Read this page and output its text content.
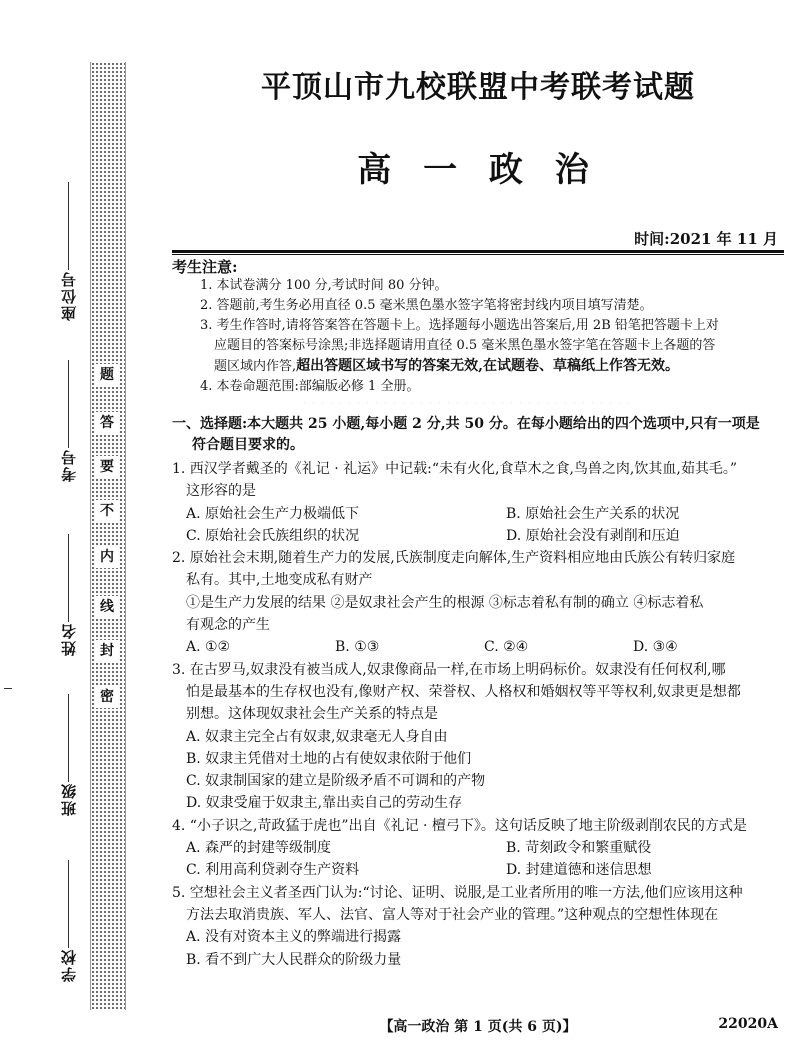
题
答
要
不
内
线
封
密
座位号
考号
姓名
班级
学校
平顶山市九校联盟中考联考试题
高 一 政 治
时间:2021 年 11 月
考生注意:
1. 本试卷满分 100 分,考试时间 80 分钟。
2. 答题前,考生务必用直径 0.5 毫米黑色墨水签字笔将密封线内项目填写清楚。
3. 考生作答时,请将答案答在答题卡上。选择题每小题选出答案后,用 2B 铅笔把答题卡上对
应题目的答案标号涂黑;非选择题请用直径 0.5 毫米黑色墨水签字笔在答题卡上各题的答
题区域内作答,超出答题区域书写的答案无效,在试题卷、草稿纸上作答无效。
4. 本卷命题范围:部编版必修 1 全册。
一、选择题:本大题共 25 小题,每小题 2 分,共 50 分。在每小题给出的四个选项中,只有一项是
符合题目要求的。
1. 西汉学者戴圣的《礼记 · 礼运》中记载:“未有火化,食草木之食,鸟兽之肉,饮其血,茹其毛。”
这形容的是
A. 原始社会生产力极端低下	B. 原始社会生产关系的状况
C. 原始社会氏族组织的状况	D. 原始社会没有剥削和压迫
2. 原始社会末期,随着生产力的发展,氏族制度走向解体,生产资料相应地由氏族公有转归家庭
私有。其中,土地变成私有财产
①是生产力发展的结果 ②是奴隶社会产生的根源 ③标志着私有制的确立 ④标志着私
有观念的产生
A. ①②	B. ①③	C. ②④	D. ③④
3. 在古罗马,奴隶没有被当成人,奴隶像商品一样,在市场上明码标价。奴隶没有任何权利,哪
怕是最基本的生存权也没有,像财产权、荣誉权、人格权和婚姻权等平等权利,奴隶更是想都
别想。这体现奴隶社会生产关系的特点是
A. 奴隶主完全占有奴隶,奴隶毫无人身自由
B. 奴隶主凭借对土地的占有使奴隶依附于他们
C. 奴隶制国家的建立是阶级矛盾不可调和的产物
D. 奴隶受雇于奴隶主,靠出卖自己的劳动生存
4. “小子识之,苛政猛于虎也”出自《礼记 · 檀弓下》。这句话反映了地主阶级剥削农民的方式是
A. 森严的封建等级制度	B. 苛刻政令和繁重赋役
C. 利用高利贷剥夺生产资料	D. 封建道德和迷信思想
5. 空想社会主义者圣西门认为:“讨论、证明、说服,是工业者所用的唯一方法,他们应该用这种
方法去取消贵族、军人、法官、富人等对于社会产业的管理。”这种观点的空想性体现在
A. 没有对资本主义的弊端进行揭露
B. 看不到广大人民群众的阶级力量
【高一政治 第 1 页(共 6 页)】	22020A
